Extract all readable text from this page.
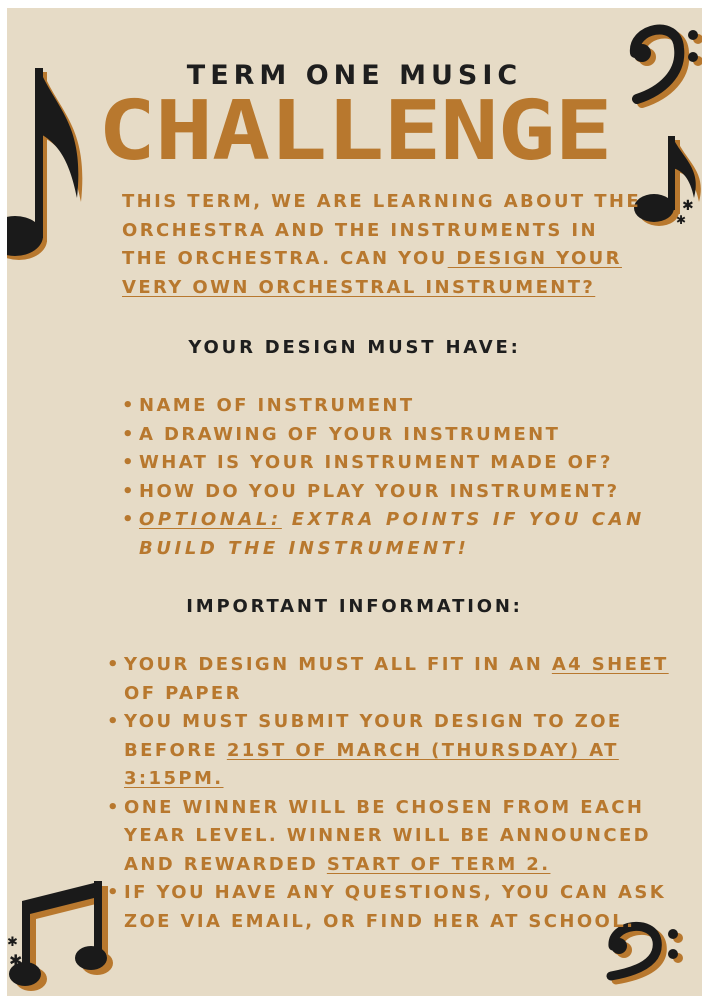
✱
✱
✱
✱

TERM ONE MUSIC

CHALLENGE

THIS TERM, WE ARE LEARNING ABOUT THE ORCHESTRA AND THE INSTRUMENTS IN THE ORCHESTRA. CAN YOU DESIGN YOUR VERY OWN ORCHESTRAL INSTRUMENT?

YOUR DESIGN MUST HAVE:

• NAME OF INSTRUMENT
• A DRAWING OF YOUR INSTRUMENT
• WHAT IS YOUR INSTRUMENT MADE OF?
• HOW DO YOU PLAY YOUR INSTRUMENT?
• OPTIONAL: EXTRA POINTS IF YOU CAN BUILD THE INSTRUMENT!

IMPORTANT INFORMATION:

• YOUR DESIGN MUST ALL FIT IN AN A4 SHEET OF PAPER
• YOU MUST SUBMIT YOUR DESIGN TO ZOE BEFORE 21ST OF MARCH (THURSDAY) AT 3:15PM.
• ONE WINNER WILL BE CHOSEN FROM EACH YEAR LEVEL. WINNER WILL BE ANNOUNCED AND REWARDED START OF TERM 2.
• IF YOU HAVE ANY QUESTIONS, YOU CAN ASK ZOE VIA EMAIL, OR FIND HER AT SCHOOL.
